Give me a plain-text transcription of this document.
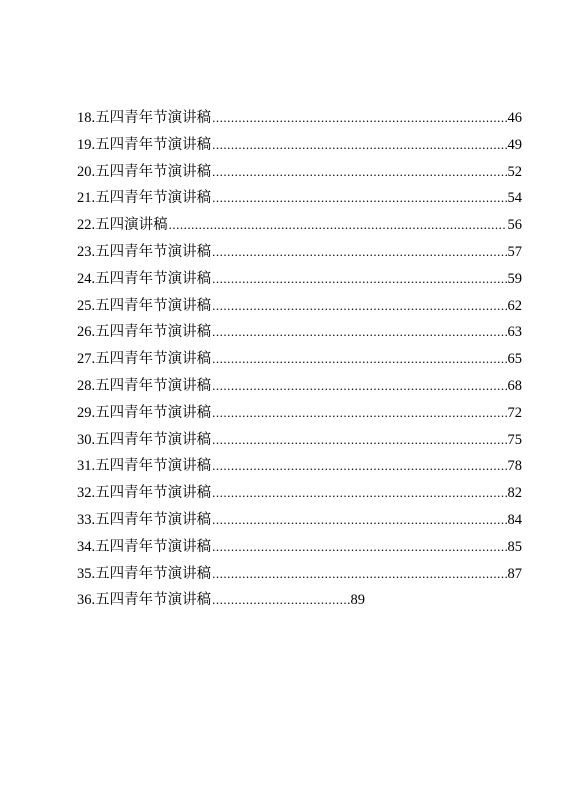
18.五四青年节演讲稿 .....	46
19.五四青年节演讲稿 .....	49
20.五四青年节演讲稿 .....	52
21.五四青年节演讲稿 .....	54
22.五四演讲稿 .....	56
23.五四青年节演讲稿 .....	57
24.五四青年节演讲稿 .....	59
25.五四青年节演讲稿 .....	62
26.五四青年节演讲稿 .....	63
27.五四青年节演讲稿 .....	65
28.五四青年节演讲稿 .....	68
29.五四青年节演讲稿 .....	72
30.五四青年节演讲稿 .....	75
31.五四青年节演讲稿 .....	78
32.五四青年节演讲稿 .....	82
33.五四青年节演讲稿 .....	84
34.五四青年节演讲稿 .....	85
35.五四青年节演讲稿 .....	87
36.五四青年节演讲稿 .....	89
